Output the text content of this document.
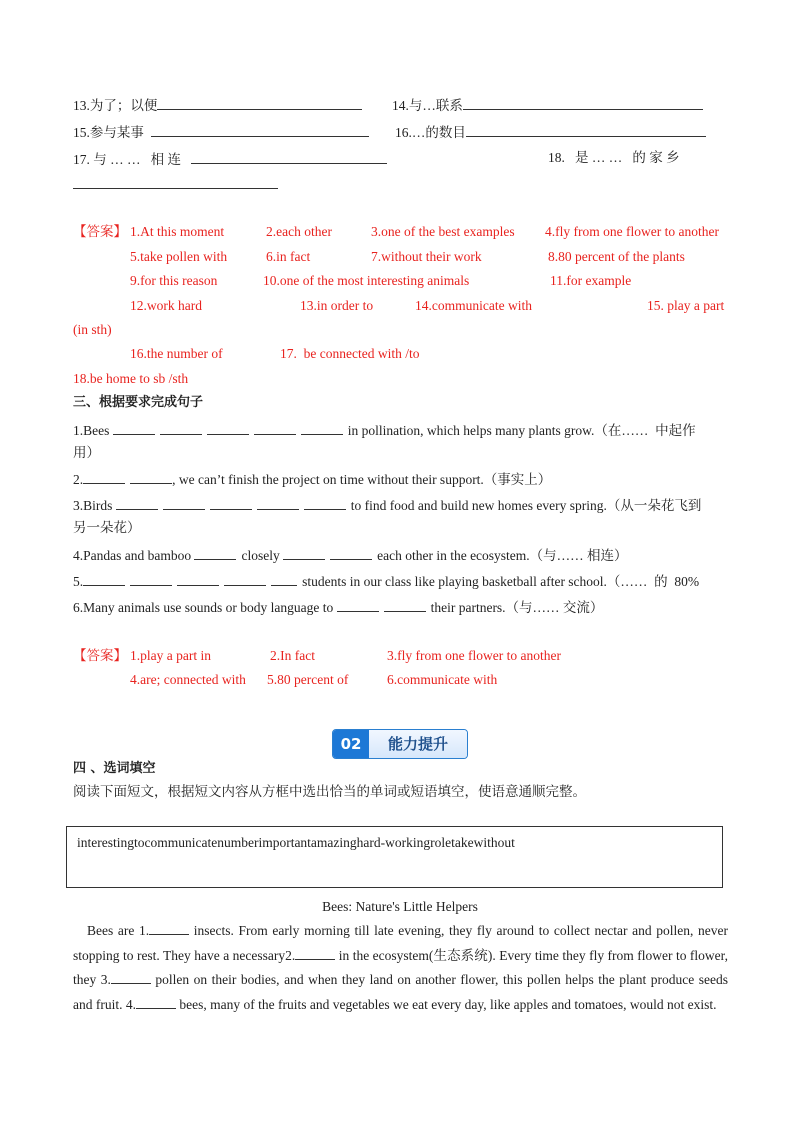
13.为了；以便	14.与…联系
15.参与某事	16.…的数目
17. 与 … …   相 连	18.   是 … …   的 家 乡
【答案】 1.At this moment	2.each other	3.one of the best examples 4.fly from one flower to another
5.take pollen with	6.in fact	7.without their work	8.80 percent of the plants
9.for this reason	10.one of the most interesting animals	11.for example
12.work hard	13.in order to	14.communicate with	15. play a part
(in sth)
16.the number of	17.  be connected with /to
18.be home to sb /sth
三、根据要求完成句子
1.Bees	in pollination, which helps many plants grow.（在……  中起作
用）
2.	, we can’t finish the project on time without their support.（事实上）
3.Birds	to find food and build new homes every spring.（从一朵花飞到
另一朵花）
4.Pandas and bamboo	closely	each other in the ecosystem.（与…… 相连）
5.	students in our class like playing basketball after school.（……  的  80%
6.Many animals use sounds or body language to	their partners.（与…… 交流）
【答案】 1.play a part in	2.In fact	3.fly from one flower to another
4.are; connected with 5.80 percent of	6.communicate with
02	能力提升
四 、选词填空
阅读下面短文，根据短文内容从方框中选出恰当的单词或短语填空，使语意通顺完整。
interestingtocommunicatenumberimportantamazinghard-workingroletakewithout
Bees: Nature's Little Helpers
Bees are 1.	insects. From early morning till late evening, they fly around to collect nectar and pollen, never stopping to rest. They have a necessary2.	in the ecosystem(生态系统). Every time they fly from flower to flower, they 3.	pollen on their bodies, and when they land on another flower, this pollen helps the plant produce seeds and fruit. 4.	bees, many of the fruits and vegetables we eat every day, like apples and tomatoes, would not exist.
